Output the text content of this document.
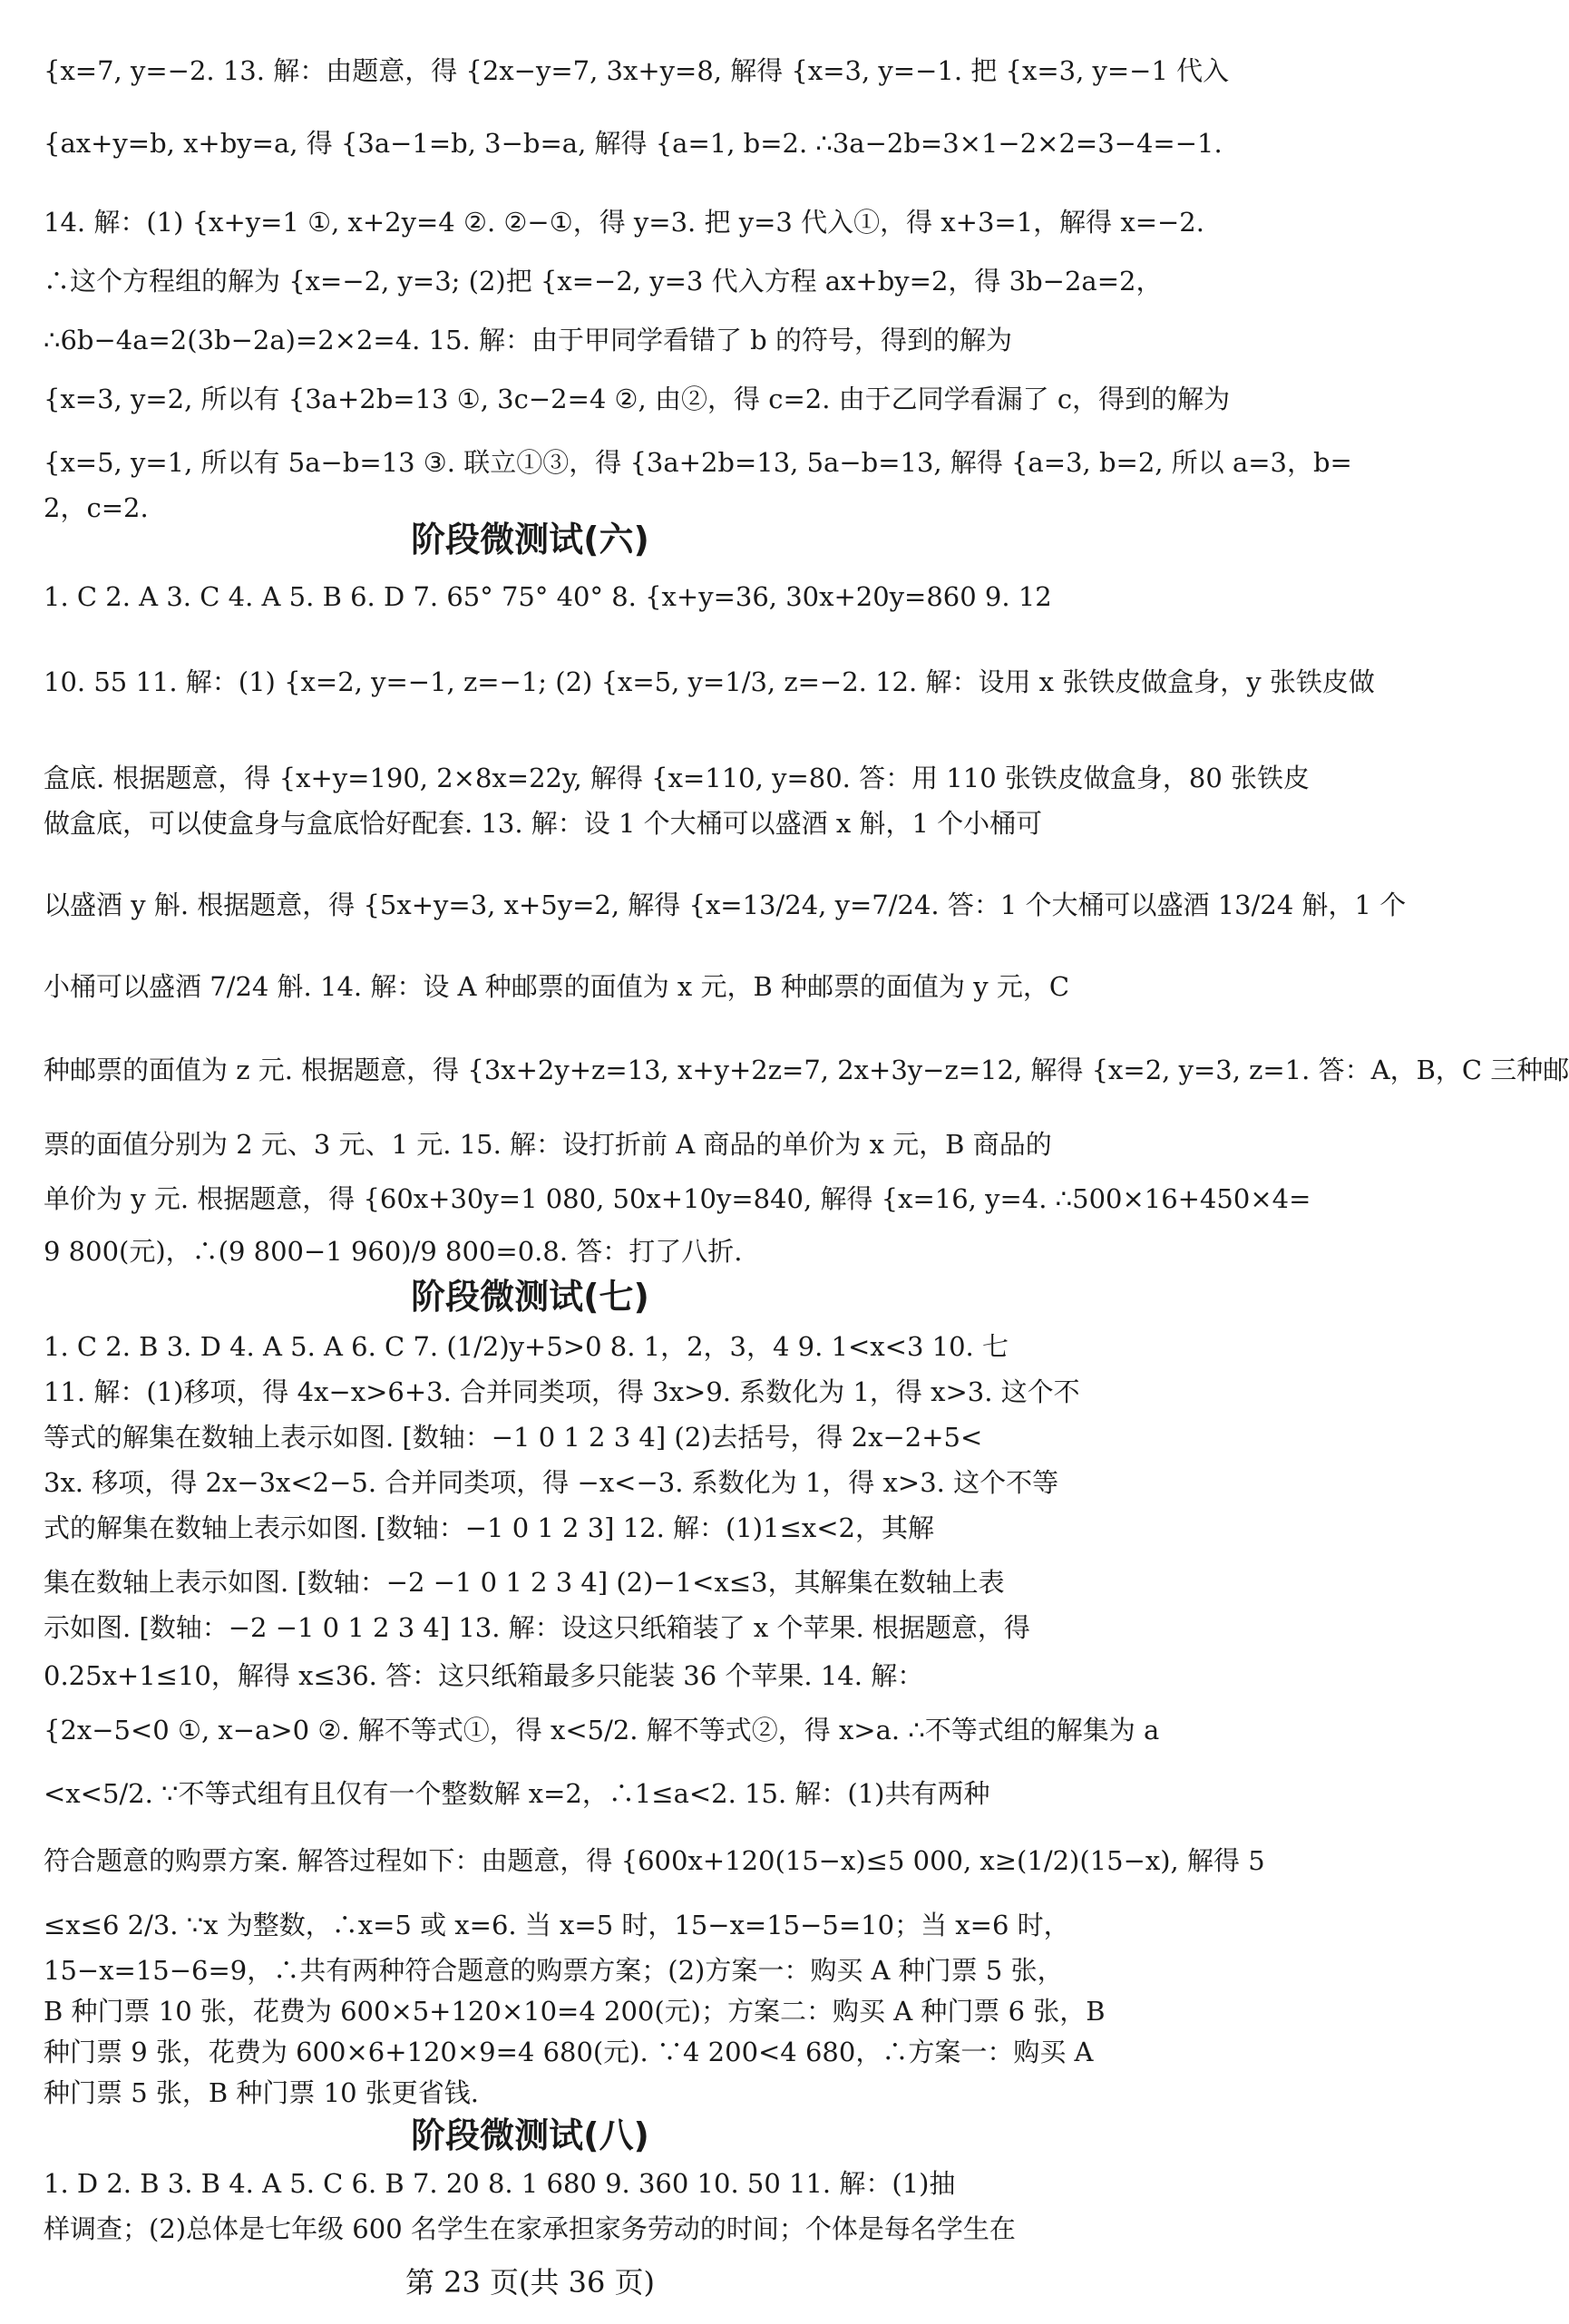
{x=7, y=−2. 13. 解：由题意，得 {2x−y=7, 3x+y=8, 解得 {x=3, y=−1. 把 {x=3, y=−1 代入
{ax+y=b, x+by=a, 得 {3a−1=b, 3−b=a, 解得 {a=1, b=2. ∴3a−2b=3×1−2×2=3−4=−1.
14. 解：(1) {x+y=1 ①, x+2y=4 ②. ②−①，得 y=3. 把 y=3 代入①，得 x+3=1，解得 x=−2.
∴这个方程组的解为 {x=−2, y=3; (2)把 {x=−2, y=3 代入方程 ax+by=2，得 3b−2a=2，
∴6b−4a=2(3b−2a)=2×2=4. 15. 解：由于甲同学看错了 b 的符号，得到的解为
{x=3, y=2, 所以有 {3a+2b=13 ①, 3c−2=4 ②, 由②，得 c=2. 由于乙同学看漏了 c，得到的解为
{x=5, y=1, 所以有 5a−b=13 ③. 联立①③，得 {3a+2b=13, 5a−b=13, 解得 {a=3, b=2, 所以 a=3，b=
2，c=2.
阶段微测试(六)
1. C 2. A 3. C 4. A 5. B 6. D 7. 65° 75° 40° 8. {x+y=36, 30x+20y=860 9. 12
10. 55 11. 解：(1) {x=2, y=−1, z=−1; (2) {x=5, y=1/3, z=−2. 12. 解：设用 x 张铁皮做盒身，y 张铁皮做
盒底. 根据题意，得 {x+y=190, 2×8x=22y, 解得 {x=110, y=80. 答：用 110 张铁皮做盒身，80 张铁皮
做盒底，可以使盒身与盒底恰好配套. 13. 解：设 1 个大桶可以盛酒 x 斛，1 个小桶可
以盛酒 y 斛. 根据题意，得 {5x+y=3, x+5y=2, 解得 {x=13/24, y=7/24. 答：1 个大桶可以盛酒 13/24 斛，1 个
小桶可以盛酒 7/24 斛. 14. 解：设 A 种邮票的面值为 x 元，B 种邮票的面值为 y 元，C
种邮票的面值为 z 元. 根据题意，得 {3x+2y+z=13, x+y+2z=7, 2x+3y−z=12, 解得 {x=2, y=3, z=1. 答：A，B，C 三种邮
票的面值分别为 2 元、3 元、1 元. 15. 解：设打折前 A 商品的单价为 x 元，B 商品的
单价为 y 元. 根据题意，得 {60x+30y=1 080, 50x+10y=840, 解得 {x=16, y=4. ∴500×16+450×4=
9 800(元)，∴(9 800−1 960)/9 800=0.8. 答：打了八折.
阶段微测试(七)
1. C 2. B 3. D 4. A 5. A 6. C 7. (1/2)y+5>0 8. 1，2，3，4 9. 1<x<3 10. 七
11. 解：(1)移项，得 4x−x>6+3. 合并同类项，得 3x>9. 系数化为 1，得 x>3. 这个不
等式的解集在数轴上表示如图. [数轴：−1 0 1 2 3 4] (2)去括号，得 2x−2+5<
3x. 移项，得 2x−3x<2−5. 合并同类项，得 −x<−3. 系数化为 1，得 x>3. 这个不等
式的解集在数轴上表示如图. [数轴：−1 0 1 2 3] 12. 解：(1)1≤x<2，其解
集在数轴上表示如图. [数轴：−2 −1 0 1 2 3 4] (2)−1<x≤3，其解集在数轴上表
示如图. [数轴：−2 −1 0 1 2 3 4] 13. 解：设这只纸箱装了 x 个苹果. 根据题意，得
0.25x+1≤10，解得 x≤36. 答：这只纸箱最多只能装 36 个苹果. 14. 解：
{2x−5<0 ①, x−a>0 ②. 解不等式①，得 x<5/2. 解不等式②，得 x>a. ∴不等式组的解集为 a
<x<5/2. ∵不等式组有且仅有一个整数解 x=2，∴1≤a<2. 15. 解：(1)共有两种
符合题意的购票方案. 解答过程如下：由题意，得 {600x+120(15−x)≤5 000, x≥(1/2)(15−x), 解得 5
≤x≤6 2/3. ∵x 为整数，∴x=5 或 x=6. 当 x=5 时，15−x=15−5=10；当 x=6 时，
15−x=15−6=9，∴共有两种符合题意的购票方案；(2)方案一：购买 A 种门票 5 张，
B 种门票 10 张，花费为 600×5+120×10=4 200(元)；方案二：购买 A 种门票 6 张，B
种门票 9 张，花费为 600×6+120×9=4 680(元). ∵4 200<4 680，∴方案一：购买 A
种门票 5 张，B 种门票 10 张更省钱.
阶段微测试(八)
1. D 2. B 3. B 4. A 5. C 6. B 7. 20 8. 1 680 9. 360 10. 50 11. 解：(1)抽
样调查；(2)总体是七年级 600 名学生在家承担家务劳动的时间；个体是每名学生在
第 23 页(共 36 页)
